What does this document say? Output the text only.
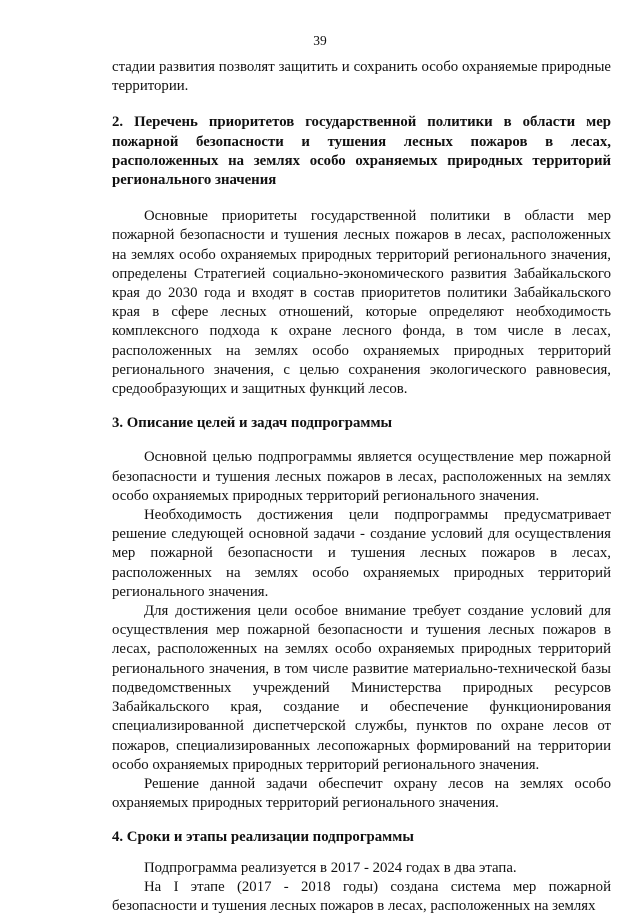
39

стадии развития позволят защитить и сохранить особо охраняемые природные территории.

2. Перечень приоритетов государственной политики в области мер пожарной безопасности и тушения лесных пожаров в лесах, расположенных на землях особо охраняемых природных территорий регионального значения

Основные приоритеты государственной политики в области мер пожарной безопасности и тушения лесных пожаров в лесах, расположенных на землях особо охраняемых природных территорий регионального значения, определены Стратегией социально-экономического развития Забайкальского края до 2030 года и входят в состав приоритетов политики Забайкальского края в сфере лесных отношений, которые определяют необходимость комплексного подхода к охране лесного фонда, в том числе в лесах, расположенных на землях особо охраняемых природных территорий регионального значения, с целью сохранения экологического равновесия, средообразующих и защитных функций лесов.

3. Описание целей и задач подпрограммы

Основной целью подпрограммы является осуществление мер пожарной безопасности и тушения лесных пожаров в лесах, расположенных на землях особо охраняемых природных территорий регионального значения.

Необходимость достижения цели подпрограммы предусматривает решение следующей основной задачи - создание условий для осуществления мер пожарной безопасности и тушения лесных пожаров в лесах, расположенных на землях особо охраняемых природных территорий регионального значения.

Для достижения цели особое внимание требует создание условий для осуществления мер пожарной безопасности и тушения лесных пожаров в лесах, расположенных на землях особо охраняемых природных территорий регионального значения, в том числе развитие материально-технической базы подведомственных учреждений Министерства природных ресурсов Забайкальского края, создание и обеспечение функционирования специализированной диспетчерской службы, пунктов по охране лесов от пожаров, специализированных лесопожарных формирований на территории особо охраняемых природных территорий регионального значения.

Решение данной задачи обеспечит охрану лесов на землях особо охраняемых природных территорий регионального значения.

4. Сроки и этапы реализации подпрограммы

Подпрограмма реализуется в 2017 - 2024 годах в два этапа.

На I этапе (2017 - 2018 годы) создана система мер пожарной безопасности и тушения лесных пожаров в лесах, расположенных на землях
